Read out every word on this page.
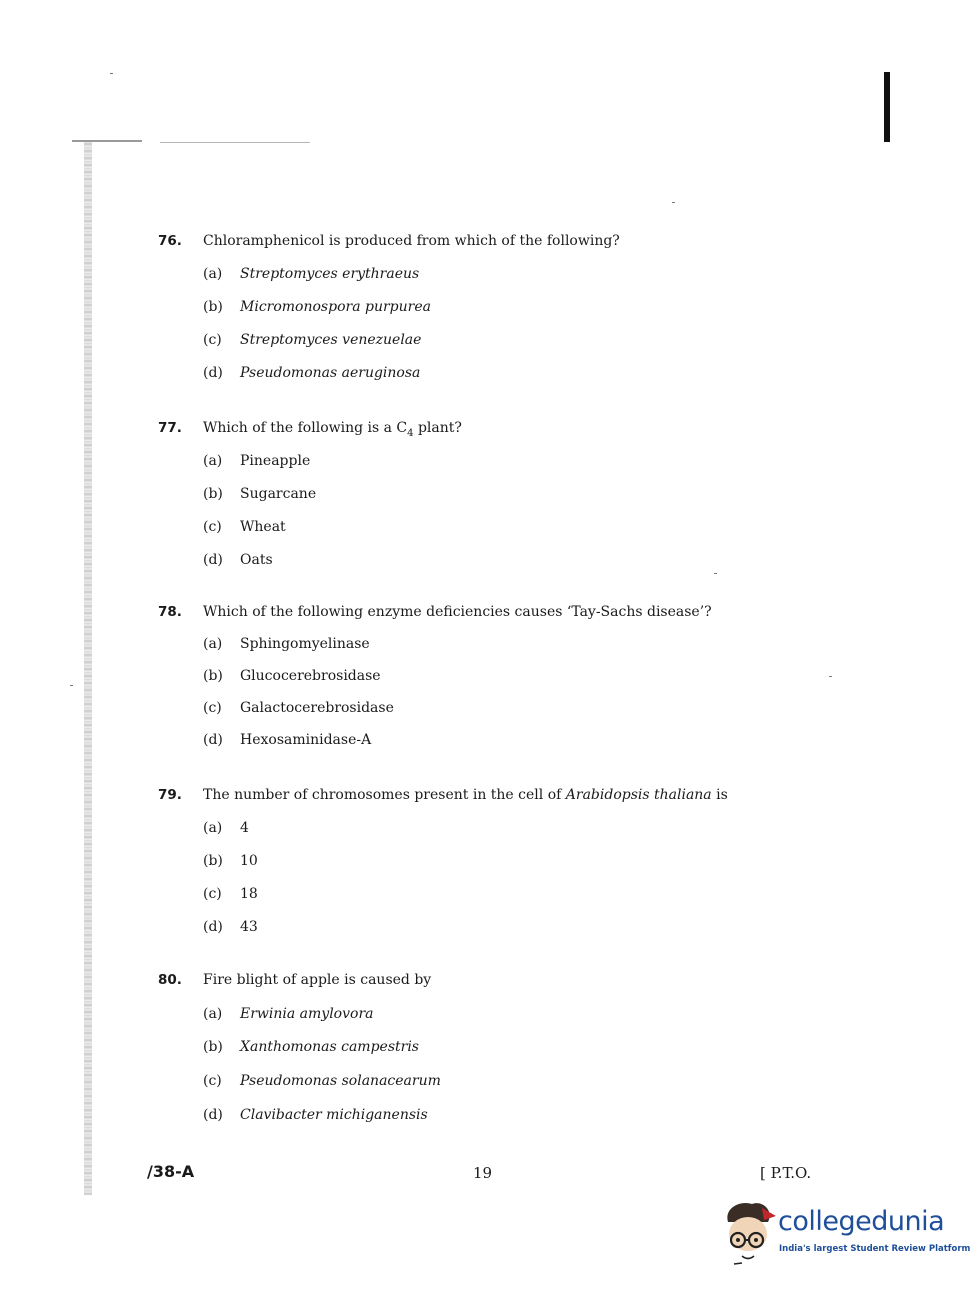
76.	Chloramphenicol is produced from which of the following?
(a)	Streptomyces erythraeus
(b)	Micromonospora purpurea
(c)	Streptomyces venezuelae
(d)	Pseudomonas aeruginosa
77.	Which of the following is a $C_4$ plant?
(a)	Pineapple
(b)	Sugarcane
(c)	Wheat
(d)	Oats
78.	Which of the following enzyme deficiencies causes ‘Tay-Sachs disease’?
(a)	Sphingomyelinase
(b)	Glucocerebrosidase
(c)	Galactocerebrosidase
(d)	Hexosaminidase-A
79.	The number of chromosomes present in the cell of Arabidopsis thaliana is
(a)	4
(b)	10
(c)	18
(d)	43
80.	Fire blight of apple is caused by
(a)	Erwinia amylovora
(b)	Xanthomonas campestris
(c)	Pseudomonas solanacearum
(d)	Clavibacter michiganensis
/38-A	19	[ P.T.O.
collegedunia
India's largest Student Review Platform
